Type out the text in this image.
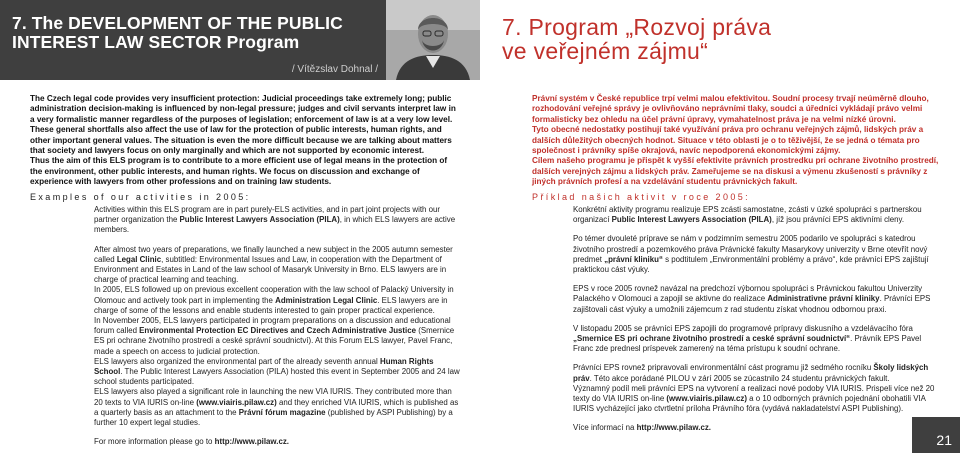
7. The DEVELOPMENT OF THE PUBLIC
INTEREST LAW SECTOR Program
/ Vítězslav Dohnal /

The Czech legal code provides very insufficient protection: Judicial proceedings take extremely long; public administration decision-making is influenced by non-legal pressure; judges and civil servants interpret law in a very formalistic manner regardless of the purposes of legislation; enforcement of law is at a very low level.

These general shortfalls also affect the use of law for the protection of public interests, human rights, and other important general values. The situation is even the more difficult because we are talking about matters that society and lawyers focus on only marginally and which are not supported by economic interest.

Thus the aim of this ELS program is to contribute to a more efficient use of legal means in the protection of the environment, other public interests, and human rights. We focus on discussion and exchange of experience with lawyers from other professions and on training law students.

Examples of our activities in 2005:

Activities within this ELS program are in part purely-ELS activities, and in part joint projects with our partner organization the Public Interest Lawyers Association (PILA), in which ELS lawyers are active members.

After almost two years of preparations, we finally launched a new subject in the 2005 autumn semester called Legal Clinic, subtitled: Environmental Issues and Law, in cooperation with the Department of Environment and Estates in Land of the law school of Masaryk University in Brno. ELS lawyers are in charge of practical learning and teaching.

In 2005, ELS followed up on previous excellent cooperation with the law school of Palacký University in Olomouc and actively took part in implementing the Administration Legal Clinic. ELS lawyers are in charge of some of the lessons and enable students interested to gain proper practical experience.

In November 2005, ELS lawyers participated in program preparations on a discussion and educational forum called Environmental Protection EC Directives and Czech Administrative Justice (Smernice ES pri ochrane životního prostredí a ceské správní soudnictví). At this Forum ELS lawyer, Pavel Franc, made a speech on access to judicial protection.

ELS lawyers also organized the environmental part of the already seventh annual Human Rights School. The Public Interest Lawyers Association (PILA) hosted this event in September 2005 and 24 law school students participated.

ELS lawyers also played a significant role in launching the new VIA IURIS. They contributed more than 20 texts to VIA IURIS on-line (www.viairis.pilaw.cz) and they enriched VIA IURIS, which is published as a quarterly basis as an attachment to the Právní fórum magazine (published by ASPI Publishing) by a further 10 expert legal studies.

For more information please go to http://www.pilaw.cz.

7. Program „Rozvoj práva
ve veřejném zájmu“

Právní systém v České republice trpí velmi malou efektivitou. Soudní procesy trvají neúměrně dlouho, rozhodování veřejné správy je ovlivňováno neprávními tlaky, soudci a úředníci vykládají právo velmi formalisticky bez ohledu na účel právní úpravy, vymahatelnost práva je na velmi nízké úrovni.

Tyto obecné nedostatky postihují také využívání práva pro ochranu veřejných zájmů, lidských práv a dalších důležitých obecných hodnot. Situace v této oblasti je o to těživější, že se jedná o témata pro společnost i právníky spíše okrajová, navíc nepodporená ekonomickými zájmy.

Cílem našeho programu je přispět k vyšší efektivite právních prostredku pri ochrane životního prostredí, dalších verejných zájmu a lidských práv. Zameřujeme se na diskusi a výmenu zkušeností s právníky z jiných právních profesí a na vzdelávání studentu právnických fakult.

Příklad našich aktivit v roce 2005:

Konkrétní aktivity programu realizuje EPS zcásti samostatne, zcásti v úzké spolupráci s partnerskou organizací Public Interest Lawyers Association (PILA), jíž jsou právníci EPS aktivními cleny.

Po témer dvouleté prípravе se nám v podzimním semestru 2005 podarilo ve spolupráci s katedrou životního prostredí a pozemkového práva Právnické fakulty Masarykovy univerzity v Brne otevřít nový predmet „právní kliniku“ s podtitulem „Environmentální problémy a právo“, kde právníci EPS zajištují praktickou cást výuky.

EPS v roce 2005 rovnež navázal na predchozí výbornou spolupráci s Právnickou fakultou Univerzity Palackého v Olomouci a zapojil se aktivne do realizace Administrativne právní kliniky. Právníci EPS zajištovali cást výuky a umožnili zájemcum z rad studentu získat vhodnou odbornou praxi.

V listopadu 2005 se právníci EPS zapojili do programové prípravy diskusního a vzdelávacího fóra „Smernice ES pri ochrane životního prostredí a ceské správní soudnictví“. Právník EPS Pavel Franc zde prednesl príspevek zamerený na téma prístupu k soudní ochrane.

Právníci EPS rovnež pripravovali environmentální cást programu již sedmého rocníku Školy lidských práv. Této akce porádané PILOU v zárí 2005 se zúcastnilo 24 studentu právnických fakult.

Významný podíl meli právníci EPS na vytvorení a realizaci nové podoby VIA IURIS. Prispeli více než 20 texty do VIA IURIS on-line (www.viairis.pilaw.cz) a o 10 odborných právních pojednání obohatili VIA IURIS vycházející jako ctvrtletní príloha Právního fóra (vydává nakladatelství ASPI Publishing).

Více informací na http://www.pilaw.cz.

21
